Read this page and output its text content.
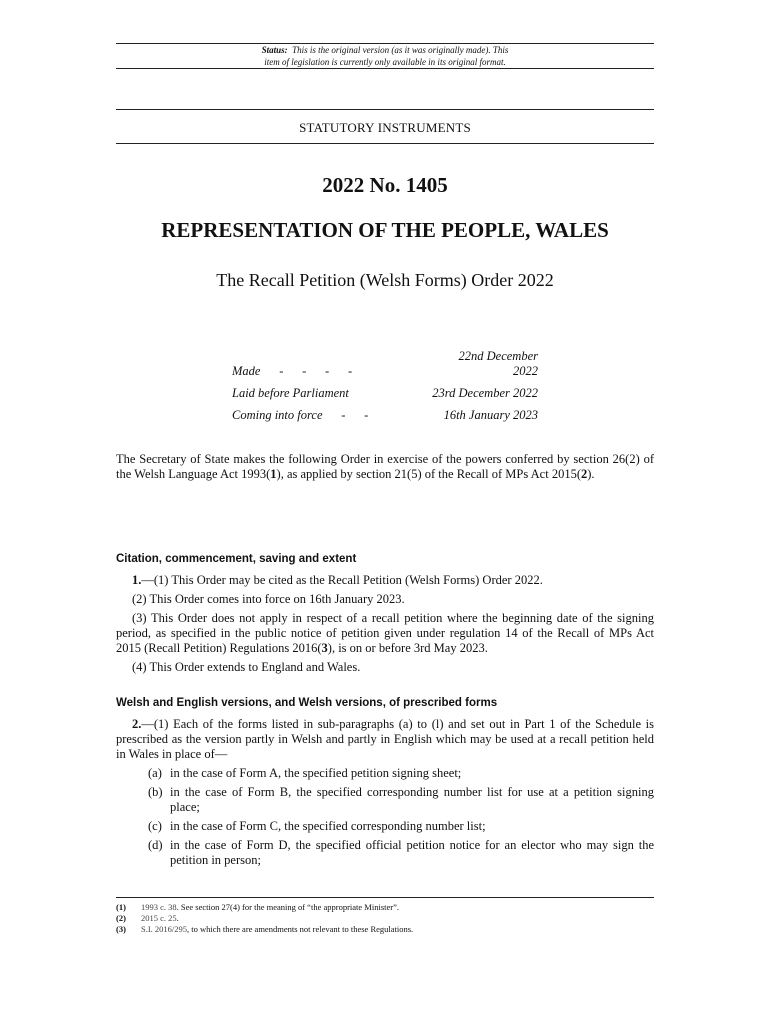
Status: This is the original version (as it was originally made). This
item of legislation is currently only available in its original format.
STATUTORY INSTRUMENTS
2022 No. 1405
REPRESENTATION OF THE PEOPLE, WALES
The Recall Petition (Welsh Forms) Order 2022
Made      -      -      -      -
22nd December
2022
Laid before Parliament	23rd December 2022
Coming into force      -      -	16th January 2023
The Secretary of State makes the following Order in exercise of the powers conferred by section 26(2) of the Welsh Language Act 1993(1), as applied by section 21(5) of the Recall of MPs Act 2015(2).
Citation, commencement, saving and extent

1.—(1) This Order may be cited as the Recall Petition (Welsh Forms) Order 2022.

(2) This Order comes into force on 16th January 2023.

(3) This Order does not apply in respect of a recall petition where the beginning date of the signing period, as specified in the public notice of petition given under regulation 14 of the Recall of MPs Act 2015 (Recall Petition) Regulations 2016(3), is on or before 3rd May 2023.

(4) This Order extends to England and Wales.

Welsh and English versions, and Welsh versions, of prescribed forms

2.—(1) Each of the forms listed in sub-paragraphs (a) to (l) and set out in Part 1 of the Schedule is prescribed as the version partly in Welsh and partly in English which may be used at a recall petition held in Wales in place of—

(a) in the case of Form A, the specified petition signing sheet;
(b) in the case of Form B, the specified corresponding number list for use at a petition signing place;
(c) in the case of Form C, the specified corresponding number list;
(d) in the case of Form D, the specified official petition notice for an elector who may sign the petition in person;
(1) 1993 c. 38. See section 27(4) for the meaning of “the appropriate Minister”.
(2) 2015 c. 25.
(3) S.I. 2016/295, to which there are amendments not relevant to these Regulations.
